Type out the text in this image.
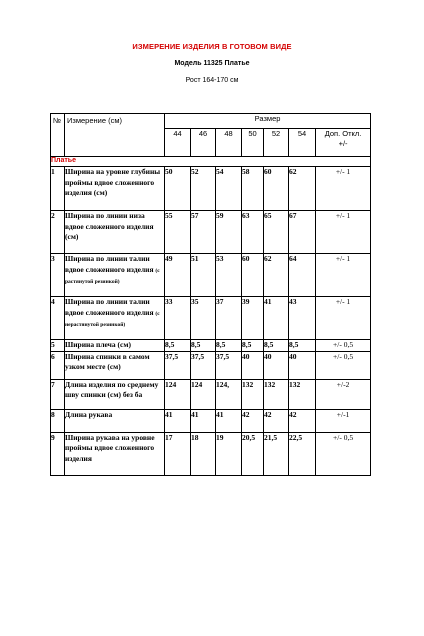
ИЗМЕРЕНИЕ ИЗДЕЛИЯ В ГОТОВОМ ВИДЕ
Модель 11325 Платье
Рост 164-170 см
№	Измерение (см)	Размер						
		44	46	48	50	52	54	Доп. Откл.
+/-

Платье								
1	Ширина на уровне глубины проймы вдвое сложенного изделия (см)	50	52	54	58	60	62	+/- 1
2	Ширина по линии низа вдвое сложенного изделия (см)	55	57	59	63	65	67	+/- 1
3	Ширина по линии талии вдвое сложенного изделия (с растянутой резинкой)	49	51	53	60	62	64	+/- 1
4	Ширина по линии талии вдвое сложенного изделия (с нерастянутой резинкой)	33	35	37	39	41	43	+/- 1
5	Ширина плеча (см)	8,5	8,5	8,5	8,5	8,5	8,5	+/- 0,5
6	Ширина спинки в самом узком месте (см)	37,5	37,5	37,5	40	40	40	+/- 0,5
7	Длина изделия по среднему шву спинки (см) без ба	124	124	124,	132	132	132	+/-2
8	Длина рукава	41	41	41	42	42	42	+/-1
9	Ширина рукава на уровне проймы вдвое сложенного изделия	17	18	19	20,5	21,5	22,5	+/- 0,5
